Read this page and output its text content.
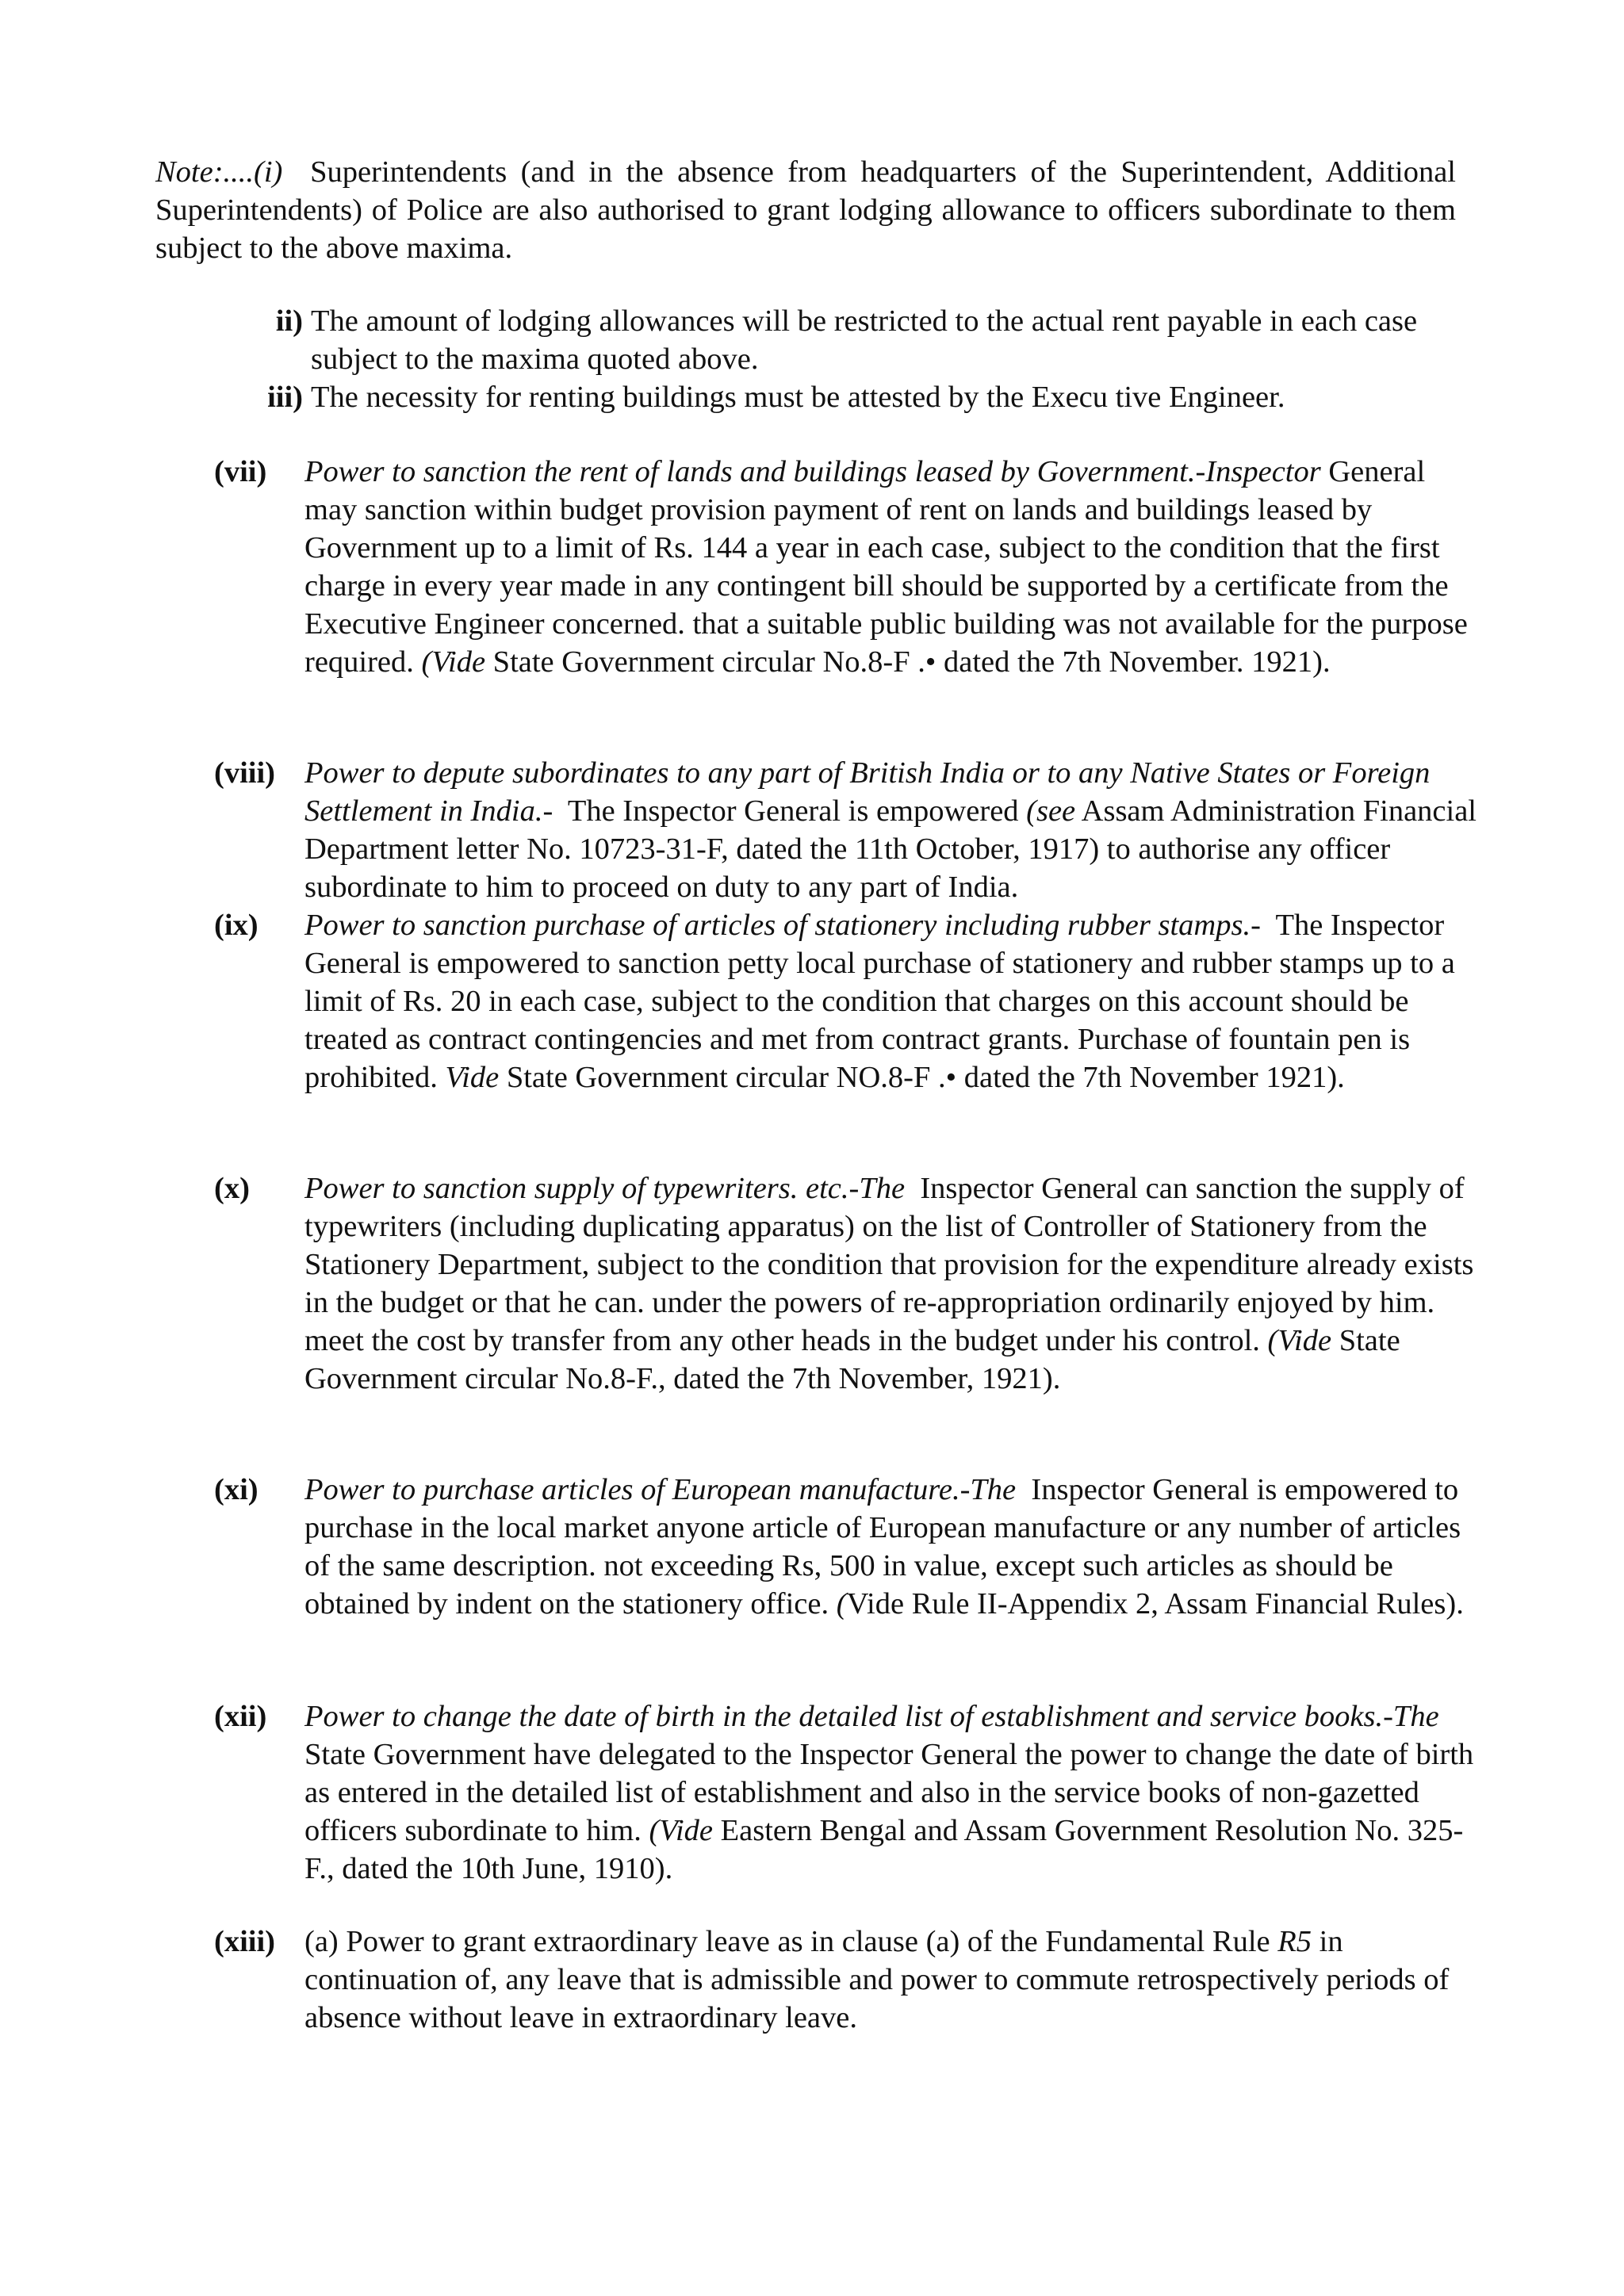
Note:....(i) Superintendents (and in the absence from headquarters of the Superintendent, Additional Superintendents) of Police are also authorised to grant lodging allowance to officers subordinate to them subject to the above maxima.
ii) The amount of lodging allowances will be restricted to the actual rent payable in each case subject to the maxima quoted above.
iii) The necessity for renting buildings must be attested by the Execu tive Engineer.
(vii)	Power to sanction the rent of lands and buildings leased by Government.-Inspector General may sanction within budget provision payment of rent on lands and buildings leased by Government up to a limit of Rs. 144 a year in each case, subject to the condition that the first charge in every year made in any contingent bill should be supported by a certificate from the Executive Engineer concerned. that a suitable public building was not available for the purpose required. (Vide State Government circular No.8-F .• dated the 7th November. 1921).
(viii) Power to depute subordinates to any part of British India or to any Native States or Foreign Settlement in India.- The Inspector General is empowered (see Assam Administration Financial Department letter No. 10723-31-F, dated the 11th October, 1917) to authorise any officer subordinate to him to proceed on duty to any part of India.
(ix)	Power to sanction purchase of articles of stationery including rubber stamps.- The Inspector General is empowered to sanction petty local purchase of stationery and rubber stamps up to a limit of Rs. 20 in each case, subject to the condition that charges on this account should be treated as contract contingencies and met from contract grants. Purchase of fountain pen is prohibited. Vide State Government circular NO.8-F .• dated the 7th November 1921).
(x)	Power to sanction supply of typewriters. etc.-The Inspector General can sanction the supply of typewriters (including duplicating apparatus) on the list of Controller of Stationery from the Stationery Department, subject to the condition that provision for the expenditure already exists in the budget or that he can. under the powers of re-appropriation ordinarily enjoyed by him. meet the cost by transfer from any other heads in the budget under his control. (Vide State Government circular No.8-F., dated the 7th November, 1921).
(xi)	Power to purchase articles of European manufacture.-The Inspector General is empowered to purchase in the local market anyone article of European manufacture or any number of articles of the same description. not exceeding Rs, 500 in value, except such articles as should be obtained by indent on the stationery office. (Vide Rule II-Appendix 2, Assam Financial Rules).
(xii)	Power to change the date of birth in the detailed list of establishment and service books.-The State Government have delegated to the Inspector General the power to change the date of birth as entered in the detailed list of establishment and also in the service books of non-gazetted officers subordinate to him. (Vide Eastern Bengal and Assam Government Resolution No. 325-F., dated the 10th June, 1910).
(xiii) (a) Power to grant extraordinary leave as in clause (a) of the Fundamental Rule R5 in continuation of, any leave that is admissible and power to commute retrospectively periods of absence without leave in extraordinary leave.
